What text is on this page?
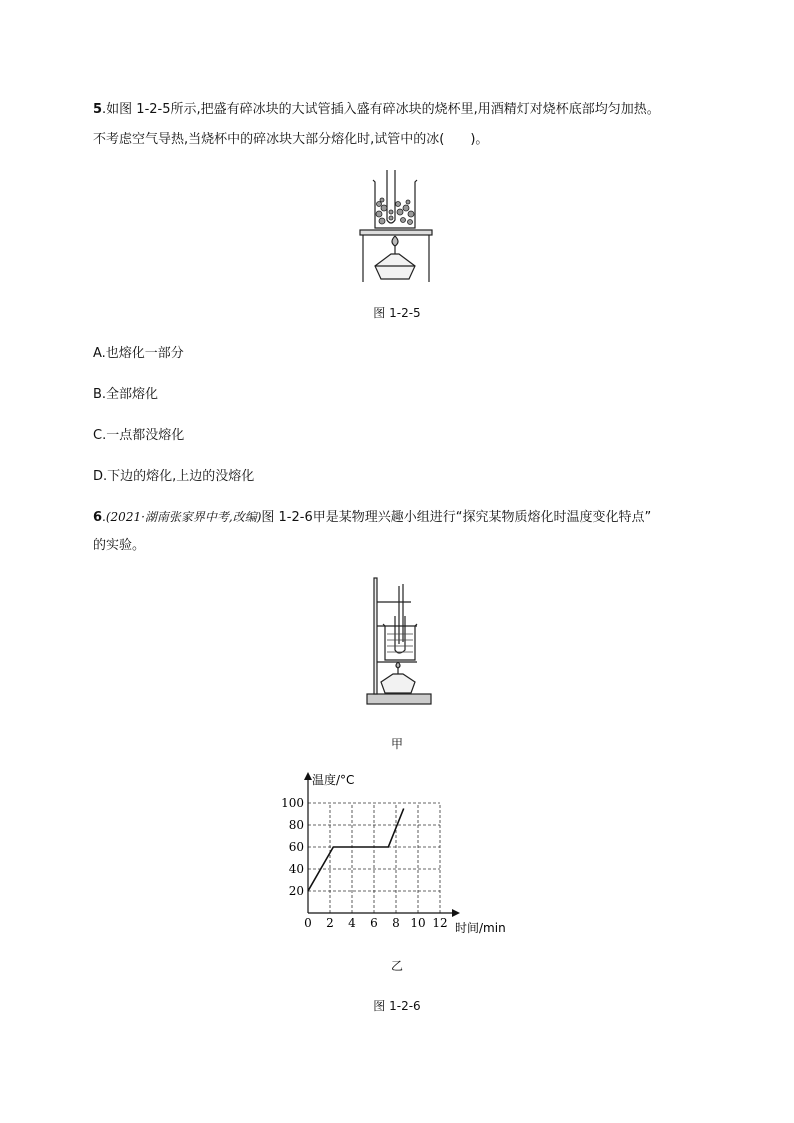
5.如图 1-2-5所示,把盛有碎冰块的大试管插入盛有碎冰块的烧杯里,用酒精灯对烧杯底部均匀加热。
不考虑空气导热,当烧杯中的碎冰块大部分熔化时,试管中的冰(　　)。
图 1-2-5
A.也熔化一部分
B.全部熔化
C.一点都没熔化
D.下边的熔化,上边的没熔化
6.(2021·湖南张家界中考,改编)图 1-2-6甲是某物理兴趣小组进行“探究某物质熔化时温度变化特点”
的实验。
甲
温度/°C
时间/min
20
40
60
80
100
0 2 4 6 8 10 12
乙
图 1-2-6
